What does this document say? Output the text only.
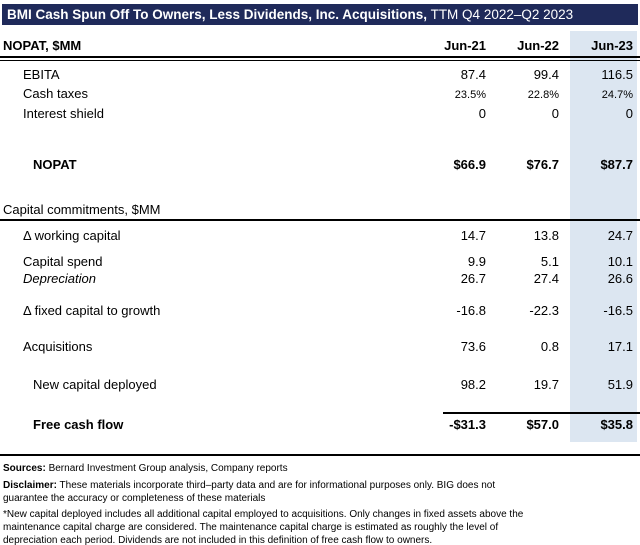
BMI Cash Spun Off To Owners, Less Dividends, Inc. Acquisitions, TTM Q4 2022–Q2 2023
NOPAT, $MM	Jun-21	Jun-22	Jun-23
EBITA	87.4	99.4	116.5
Cash taxes	23.5%	22.8%	24.7%
Interest shield	0	0	0
NOPAT	$66.9	$76.7	$87.7
Capital commitments, $MM
Δ working capital	14.7	13.8	24.7
Capital spend	9.9	5.1	10.1
Depreciation	26.7	27.4	26.6
Δ fixed capital to growth	-16.8	-22.3	-16.5
Acquisitions	73.6	0.8	17.1
New capital deployed	98.2	19.7	51.9
Free cash flow	-$31.3	$57.0	$35.8
Sources: Bernard Investment Group analysis, Company reports
Disclaimer: These materials incorporate third–party data and are for informational purposes only. BIG does not
guarantee the accuracy or completeness of these materials
*New capital deployed includes all additional capital employed to acquisitions. Only changes in fixed assets above the
maintenance capital charge are considered. The maintenance capital charge is estimated as roughly the level of
depreciation each period. Dividends are not included in this definition of free cash flow to owners.
